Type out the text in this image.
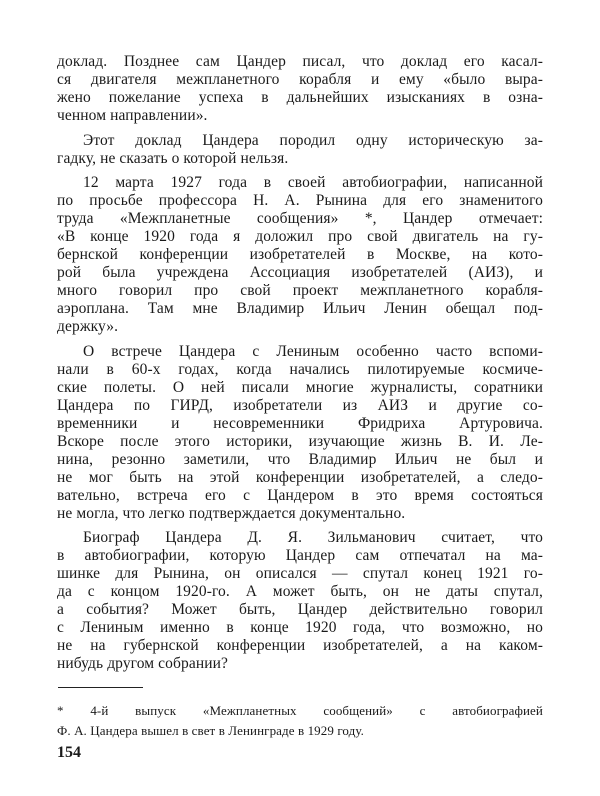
доклад. Позднее сам Цандер писал, что доклад его касал-
ся двигателя межпланетного корабля и ему «было выра-
жено пожелание успеха в дальнейших изысканиях в озна-
ченном направлении».
Этот доклад Цандера породил одну историческую за-
гадку, не сказать о которой нельзя.
12 марта 1927 года в своей автобиографии, написанной
по просьбе профессора Н. А. Рынина для его знаменитого
труда «Межпланетные сообщения» *, Цандер отмечает:
«В конце 1920 года я доложил про свой двигатель на гу-
бернской конференции изобретателей в Москве, на кото-
рой была учреждена Ассоциация изобретателей (АИЗ), и
много говорил про свой проект межпланетного корабля-
аэроплана. Там мне Владимир Ильич Ленин обещал под-
держку».
О встрече Цандера с Лениным особенно часто вспоми-
нали в 60-х годах, когда начались пилотируемые космиче-
ские полеты. О ней писали многие журналисты, соратники
Цандера по ГИРД, изобретатели из АИЗ и другие со-
временники и несовременники Фридриха Артуровича.
Вскоре после этого историки, изучающие жизнь В. И. Ле-
нина, резонно заметили, что Владимир Ильич не был и
не мог быть на этой конференции изобретателей, а следо-
вательно, встреча его с Цандером в это время состояться
не могла, что легко подтверждается документально.
Биограф Цандера Д. Я. Зильманович считает, что
в автобиографии, которую Цандер сам отпечатал на ма-
шинке для Рынина, он описался — спутал конец 1921 го-
да с концом 1920-го. А может быть, он не даты спутал,
а события? Может быть, Цандер действительно говорил
с Лениным именно в конце 1920 года, что возможно, но
не на губернской конференции изобретателей, а на каком-
нибудь другом собрании?
* 4-й выпуск «Межпланетных сообщений» с автобиографией
Ф. А. Цандера вышел в свет в Ленинграде в 1929 году.
154
